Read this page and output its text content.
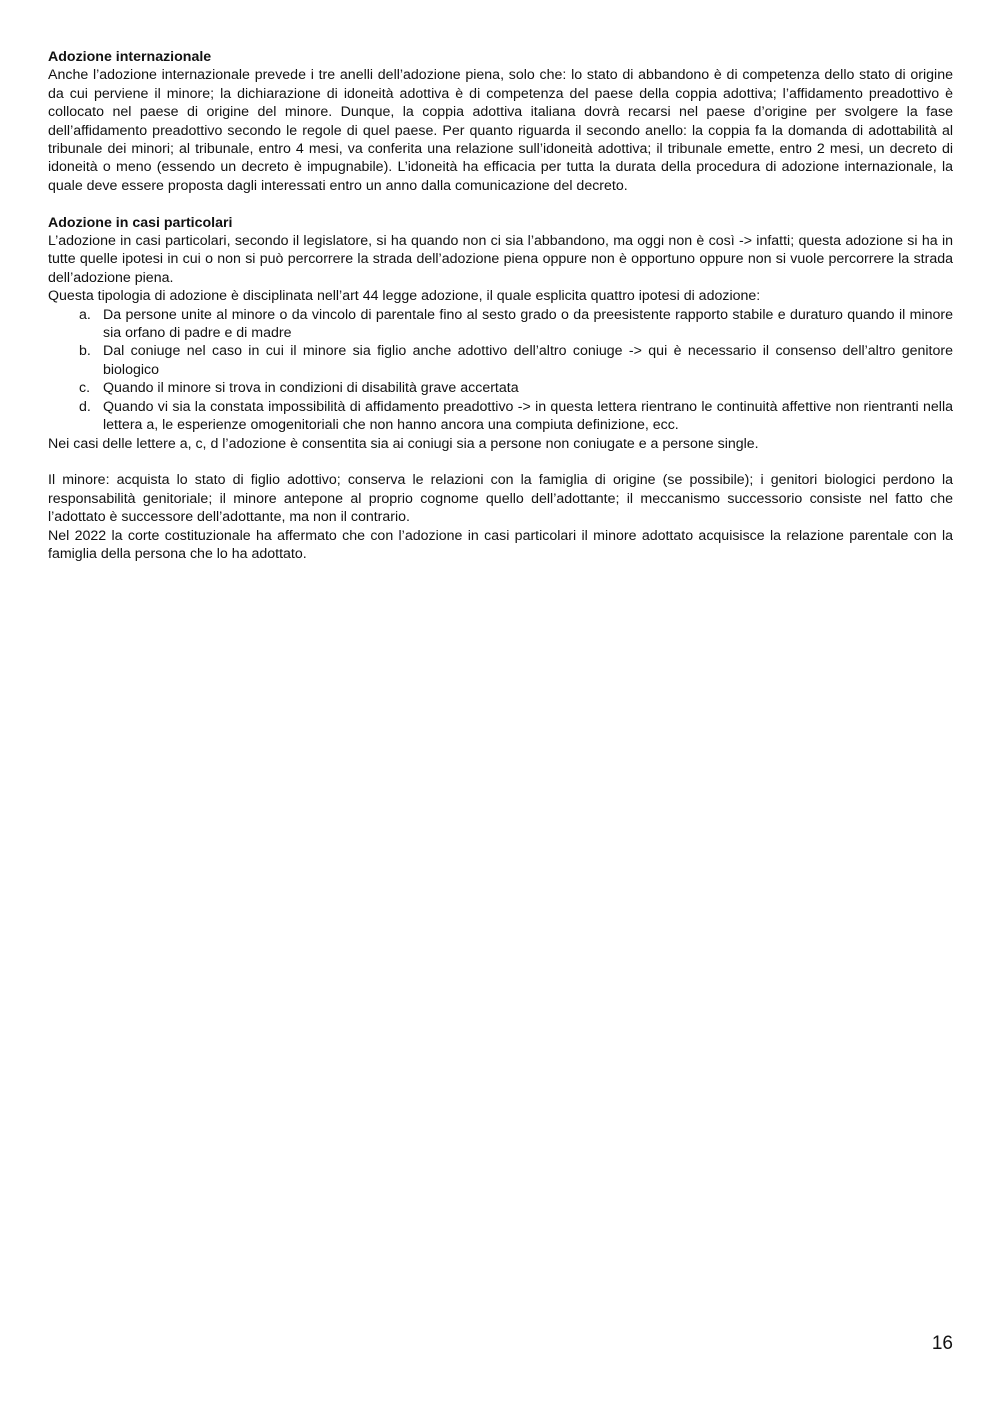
Adozione internazionale

Anche l’adozione internazionale prevede i tre anelli dell’adozione piena, solo che: lo stato di abbandono è di competenza dello stato di origine da cui perviene il minore; la dichiarazione di idoneità adottiva è di competenza del paese della coppia adottiva; l’affidamento preadottivo è collocato nel paese di origine del minore. Dunque, la coppia adottiva italiana dovrà recarsi nel paese d’origine per svolgere la fase dell’affidamento preadottivo secondo le regole di quel paese. Per quanto riguarda il secondo anello: la coppia fa la domanda di adottabilità al tribunale dei minori; al tribunale, entro 4 mesi, va conferita una relazione sull’idoneità adottiva; il tribunale emette, entro 2 mesi, un decreto di idoneità o meno (essendo un decreto è impugnabile). L’idoneità ha efficacia per tutta la durata della procedura di adozione internazionale, la quale deve essere proposta dagli interessati entro un anno dalla comunicazione del decreto.

Adozione in casi particolari

L’adozione in casi particolari, secondo il legislatore, si ha quando non ci sia l’abbandono, ma oggi non è così -> infatti; questa adozione si ha in tutte quelle ipotesi in cui o non si può percorrere la strada dell’adozione piena oppure non è opportuno oppure non si vuole percorrere la strada dell’adozione piena.

Questa tipologia di adozione è disciplinata nell’art 44 legge adozione, il quale esplicita quattro ipotesi di adozione:

a. Da persone unite al minore o da vincolo di parentale fino al sesto grado o da preesistente rapporto stabile e duraturo quando il minore sia orfano di padre e di madre
b. Dal coniuge nel caso in cui il minore sia figlio anche adottivo dell’altro coniuge -> qui è necessario il consenso dell’altro genitore biologico
c. Quando il minore si trova in condizioni di disabilità grave accertata
d. Quando vi sia la constata impossibilità di affidamento preadottivo -> in questa lettera rientrano le continuità affettive non rientranti nella lettera a, le esperienze omogenitoriali che non hanno ancora una compiuta definizione, ecc.

Nei casi delle lettere a, c, d l’adozione è consentita sia ai coniugi sia a persone non coniugate e a persone single.

Il minore: acquista lo stato di figlio adottivo; conserva le relazioni con la famiglia di origine (se possibile); i genitori biologici perdono la responsabilità genitoriale; il minore antepone al proprio cognome quello dell’adottante; il meccanismo successorio consiste nel fatto che l’adottato è successore dell’adottante, ma non il contrario.

Nel 2022 la corte costituzionale ha affermato che con l’adozione in casi particolari il minore adottato acquisisce la relazione parentale con la famiglia della persona che lo ha adottato.

16
